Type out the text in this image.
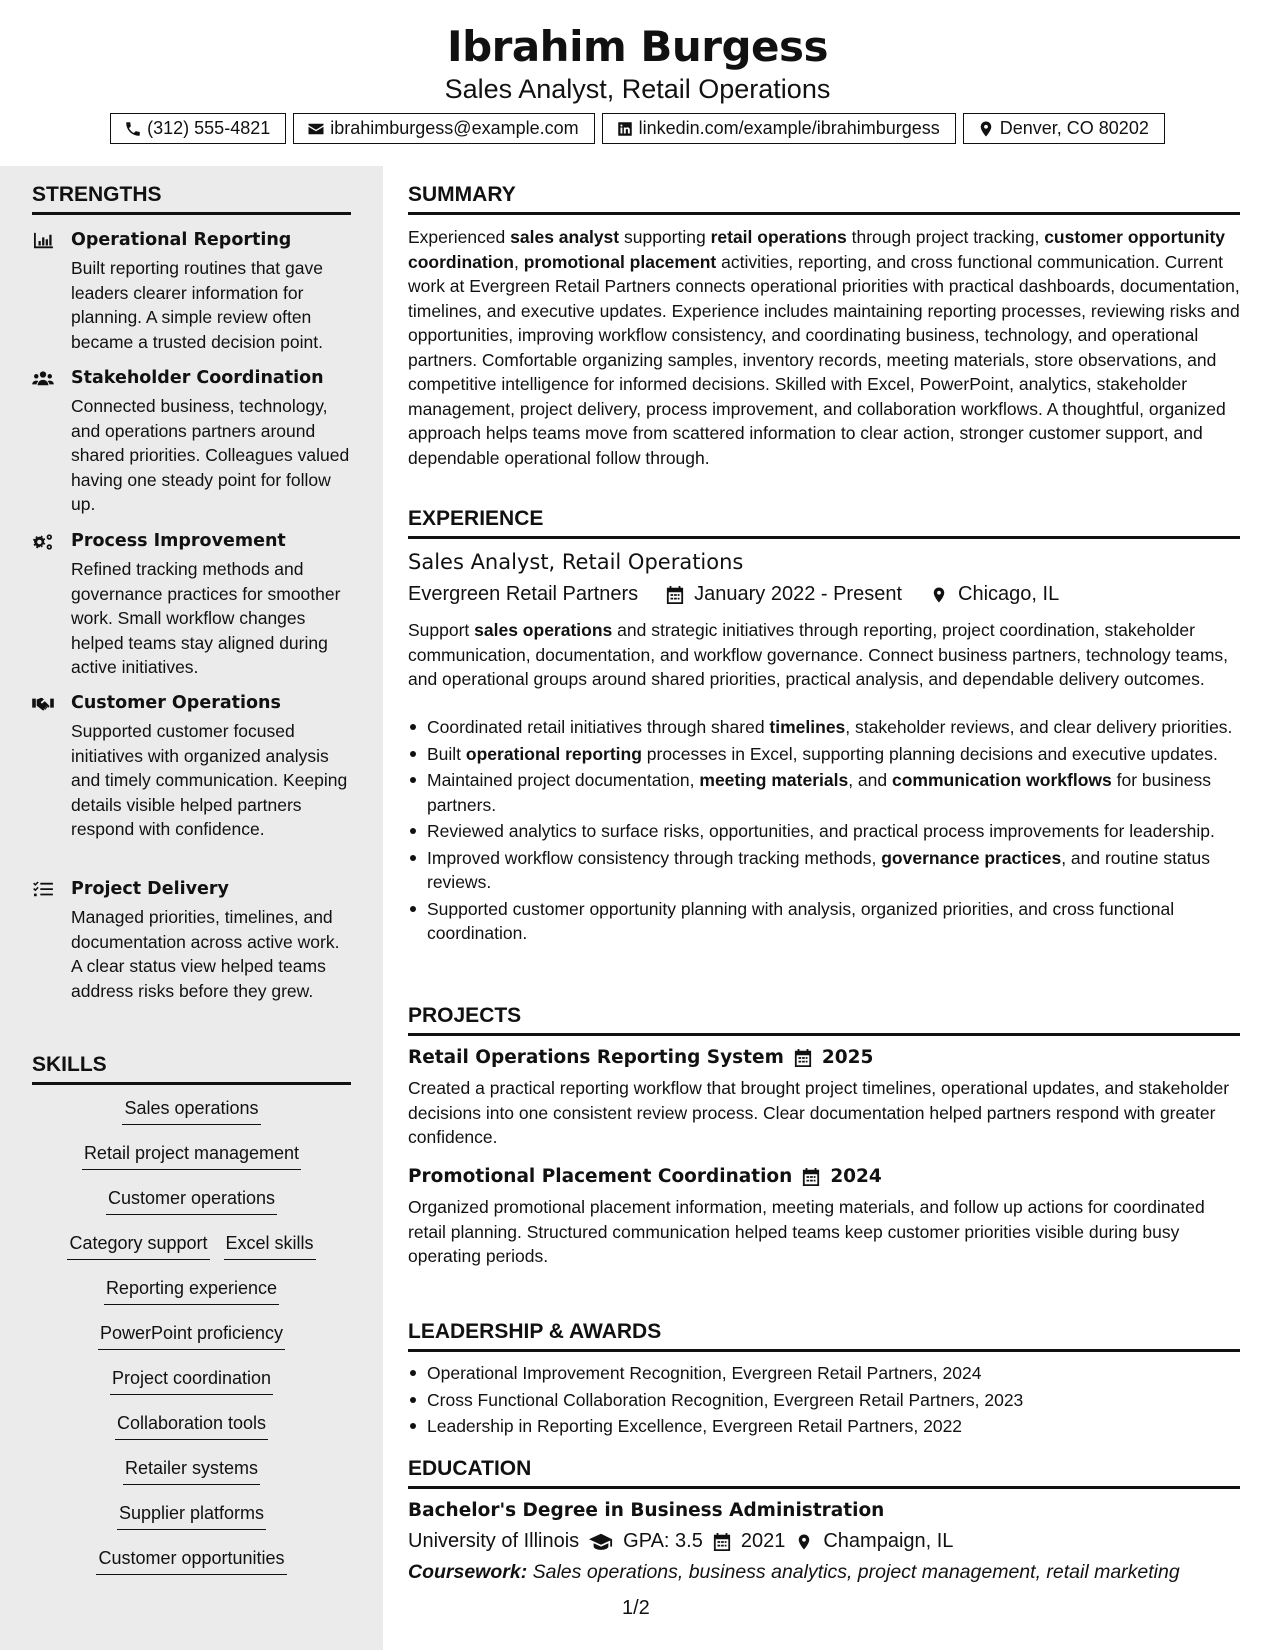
Ibrahim Burgess
Sales Analyst, Retail Operations
(312) 555-4821	ibrahimburgess@example.com	linkedin.com/example/ibrahimburgess	Denver, CO 80202
STRENGTHS
Operational Reporting
Built reporting routines that gave leaders clearer information for planning. A simple review often became a trusted decision point.
Stakeholder Coordination
Connected business, technology, and operations partners around shared priorities. Colleagues valued having one steady point for follow up.
Process Improvement
Refined tracking methods and governance practices for smoother work. Small workflow changes helped teams stay aligned during active initiatives.
Customer Operations
Supported customer focused initiatives with organized analysis and timely communication. Keeping details visible helped partners respond with confidence.
Project Delivery
Managed priorities, timelines, and documentation across active work. A clear status view helped teams address risks before they grew.
SKILLS
Sales operations
Retail project management
Customer operations
Category support Excel skills
Reporting experience
PowerPoint proficiency
Project coordination
Collaboration tools
Retailer systems
Supplier platforms
Customer opportunities
SUMMARY
Experienced sales analyst supporting retail operations through project tracking, customer opportunity coordination, promotional placement activities, reporting, and cross functional communication. Current work at Evergreen Retail Partners connects operational priorities with practical dashboards, documentation, timelines, and executive updates. Experience includes maintaining reporting processes, reviewing risks and opportunities, improving workflow consistency, and coordinating business, technology, and operational partners. Comfortable organizing samples, inventory records, meeting materials, store observations, and competitive intelligence for informed decisions. Skilled with Excel, PowerPoint, analytics, stakeholder management, project delivery, process improvement, and collaboration workflows. A thoughtful, organized approach helps teams move from scattered information to clear action, stronger customer support, and dependable operational follow through.
EXPERIENCE
Sales Analyst, Retail Operations
Evergreen Retail Partners	January 2022 - Present	Chicago, IL
Support sales operations and strategic initiatives through reporting, project coordination, stakeholder communication, documentation, and workflow governance. Connect business partners, technology teams, and operational groups around shared priorities, practical analysis, and dependable delivery outcomes.
Coordinated retail initiatives through shared timelines, stakeholder reviews, and clear delivery priorities.
Built operational reporting processes in Excel, supporting planning decisions and executive updates.
Maintained project documentation, meeting materials, and communication workflows for business partners.
Reviewed analytics to surface risks, opportunities, and practical process improvements for leadership.
Improved workflow consistency through tracking methods, governance practices, and routine status reviews.
Supported customer opportunity planning with analysis, organized priorities, and cross functional coordination.
PROJECTS
Retail Operations Reporting System 2025
Created a practical reporting workflow that brought project timelines, operational updates, and stakeholder decisions into one consistent review process. Clear documentation helped partners respond with greater confidence.
Promotional Placement Coordination 2024
Organized promotional placement information, meeting materials, and follow up actions for coordinated retail planning. Structured communication helped teams keep customer priorities visible during busy operating periods.
LEADERSHIP & AWARDS
Operational Improvement Recognition, Evergreen Retail Partners, 2024
Cross Functional Collaboration Recognition, Evergreen Retail Partners, 2023
Leadership in Reporting Excellence, Evergreen Retail Partners, 2022
EDUCATION
Bachelor's Degree in Business Administration
University of Illinois GPA: 3.5 2021 Champaign, IL
Coursework: Sales operations, business analytics, project management, retail marketing
1/2
